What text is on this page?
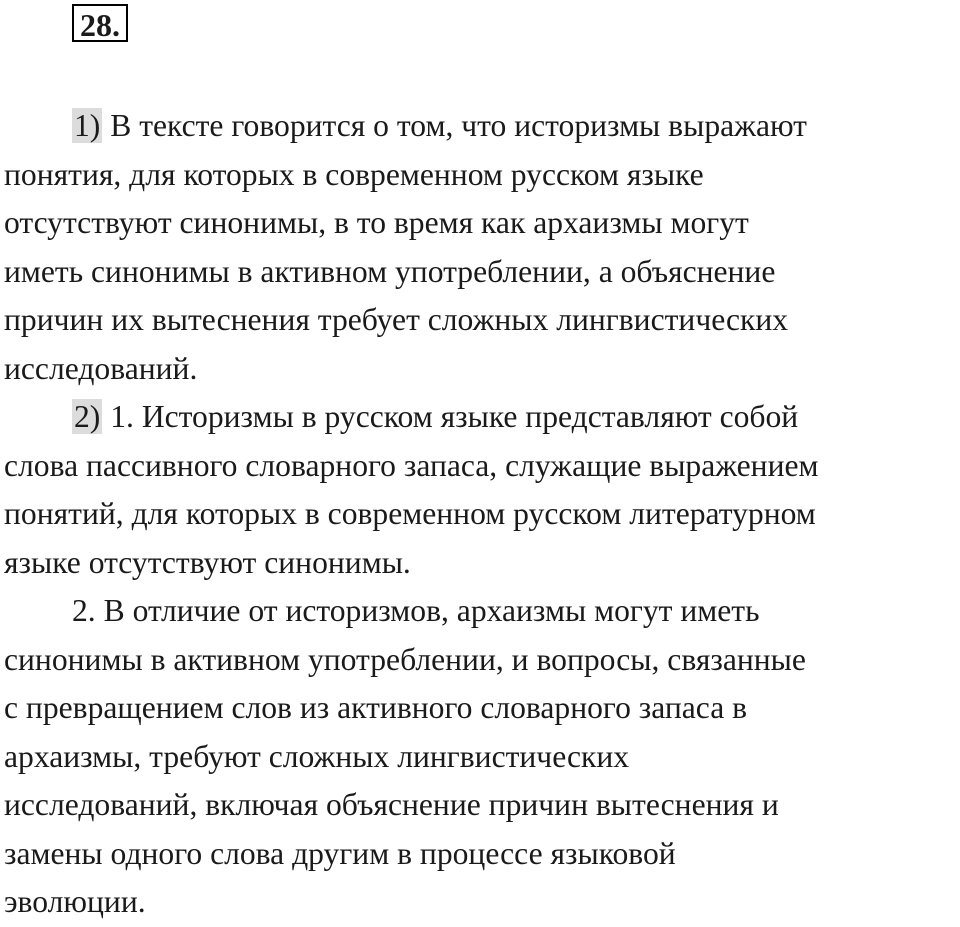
28.

1) В тексте говорится о том, что историзмы выражают
понятия, для которых в современном русском языке
отсутствуют синонимы, в то время как архаизмы могут
иметь синонимы в активном употреблении, а объяснение
причин их вытеснения требует сложных лингвистических
исследований.

2) 1. Историзмы в русском языке представляют собой
слова пассивного словарного запаса, служащие выражением
понятий, для которых в современном русском литературном
языке отсутствуют синонимы.

2. В отличие от историзмов, архаизмы могут иметь
синонимы в активном употреблении, и вопросы, связанные
с превращением слов из активного словарного запаса в
архаизмы, требуют сложных лингвистических
исследований, включая объяснение причин вытеснения и
замены одного слова другим в процессе языковой
эволюции.
